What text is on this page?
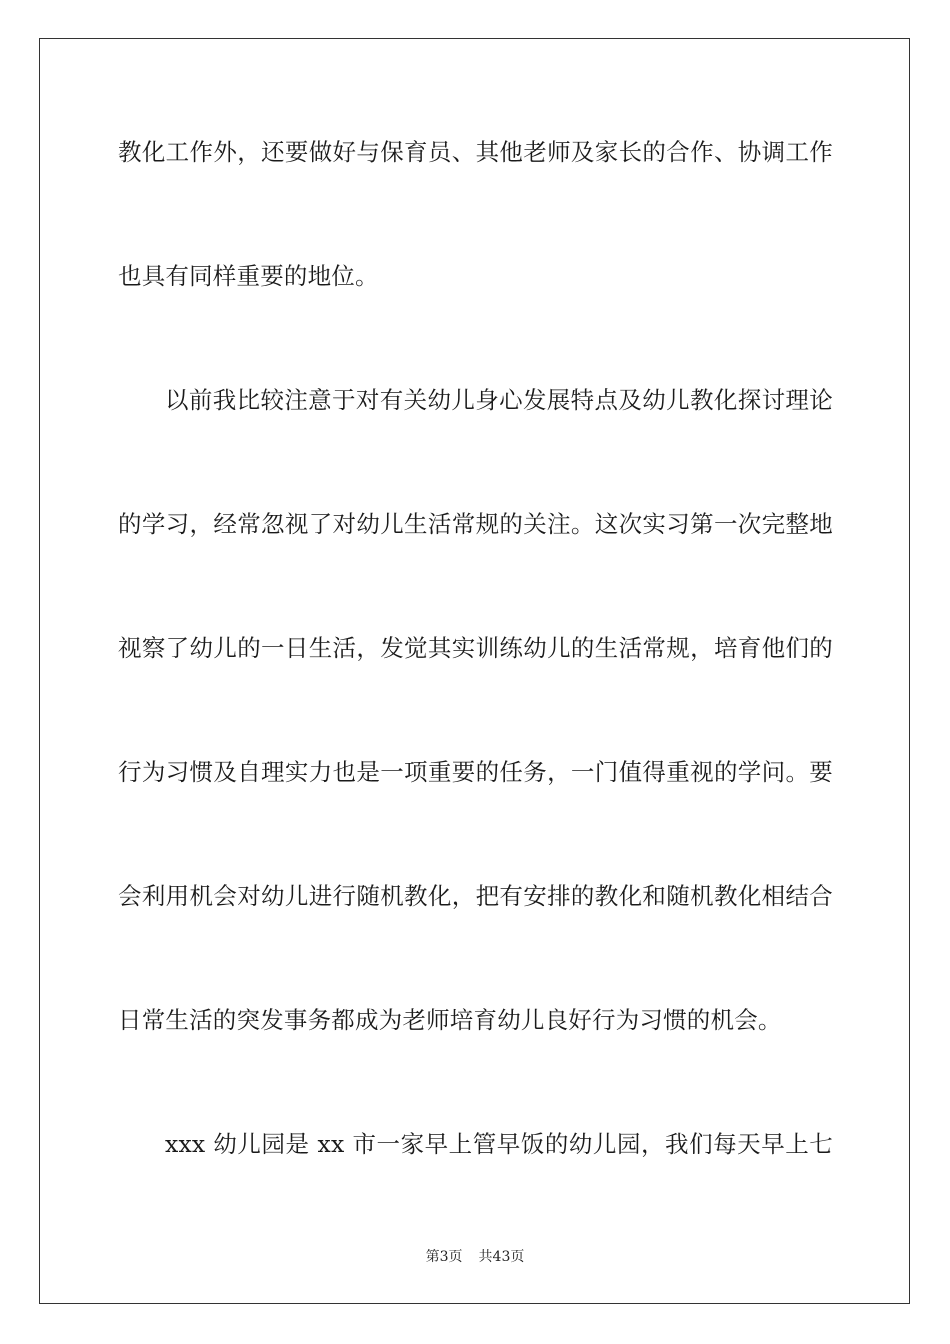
教化工作外，还要做好与保育员、其他老师及家长的合作、协调工作
也具有同样重要的地位。
以前我比较注意于对有关幼儿身心发展特点及幼儿教化探讨理论
的学习，经常忽视了对幼儿生活常规的关注。这次实习第一次完整地
视察了幼儿的一日生活，发觉其实训练幼儿的生活常规，培育他们的
行为习惯及自理实力也是一项重要的任务，一门值得重视的学问。要
会利用机会对幼儿进行随机教化，把有安排的教化和随机教化相结合
日常生活的突发事务都成为老师培育幼儿良好行为习惯的机会。
xxx 幼儿园是 xx 市一家早上管早饭的幼儿园，我们每天早上七
第3页 共43页
